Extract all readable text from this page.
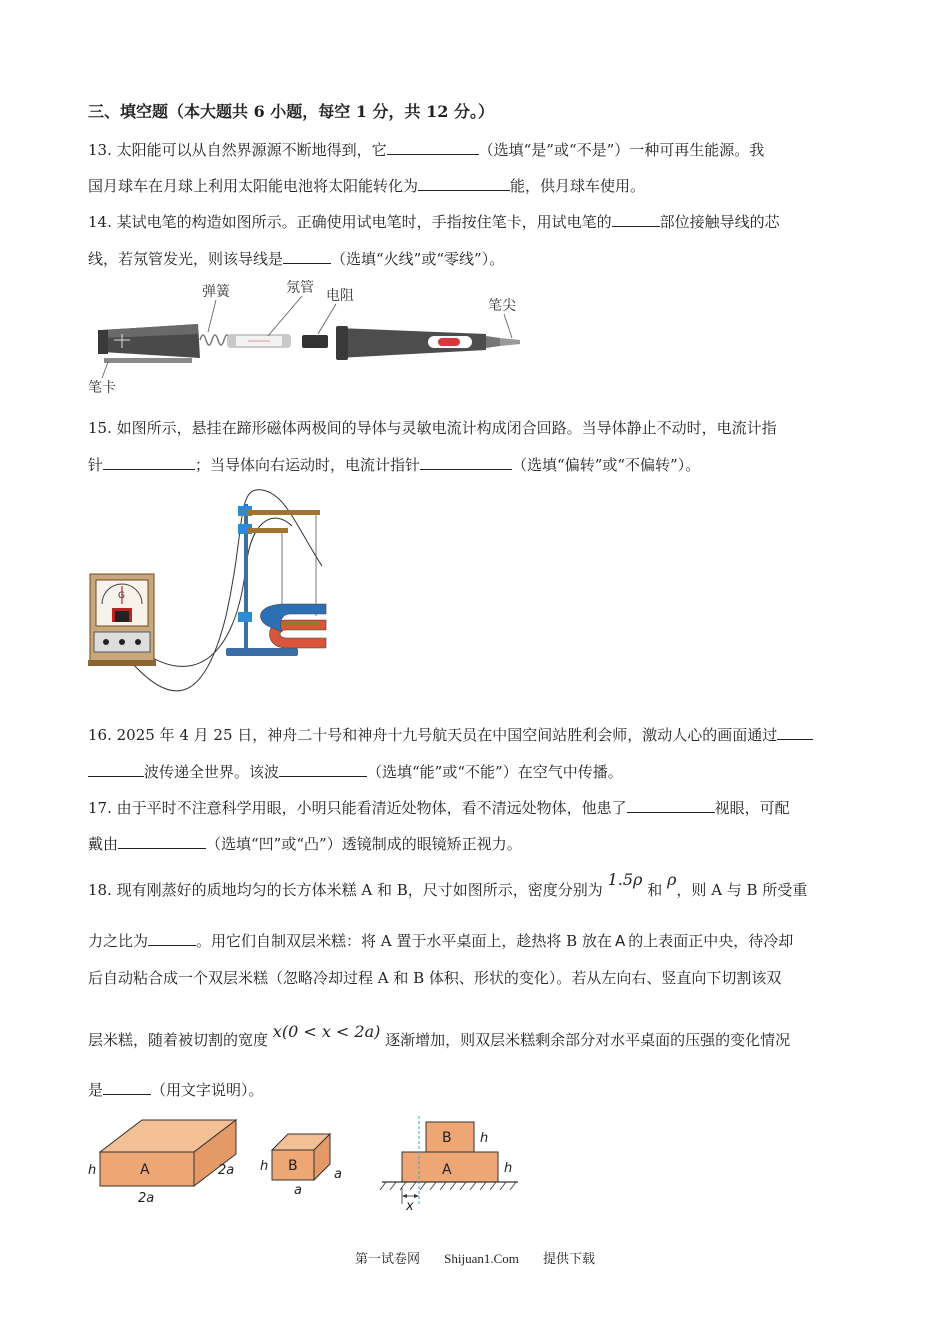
三、填空题（本大题共 6 小题，每空 1 分，共 12 分。）
13. 太阳能可以从自然界源源不断地得到，它	（选填“是”或“不是”）一种可再生能源。我
国月球车在月球上利用太阳能电池将太阳能转化为	能，供月球车使用。
14. 某试电笔的构造如图所示。正确使用试电笔时，手指按住笔卡，用试电笔的	部位接触导线的芯
线，若氖管发光，则该导线是	（选填“火线”或“零线”）。
弹簧	氖管 电阻
笔尖
笔卡
15. 如图所示，悬挂在蹄形磁体两极间的导体与灵敏电流计构成闭合回路。当导体静止不动时，电流计指
针	；当导体向右运动时，电流计指针	（选填“偏转”或“不偏转”）。
G
16. 2025 年 4 月 25 日，神舟二十号和神舟十九号航天员在中国空间站胜利会师，激动人心的画面通过
波传递全世界。该波	（选填“能”或“不能”）在空气中传播。
17. 由于平时不注意科学用眼，小明只能看清近处物体，看不清远处物体，他患了	视眼，可配
戴由	（选填“凹”或“凸”）透镜制成的眼镜矫正视力。
18. 现有刚蒸好的质地均匀的长方体米糕 A 和 B，尺寸如图所示，密度分别为 1.5ρ 和 ρ，则 A 与 B 所受重
力之比为	。用它们自制双层米糕：将 A 置于水平桌面上，趁热将 B 放在 A 的上表面正中央，待冷却
后自动粘合成一个双层米糕（忽略冷却过程 A 和 B 体积、形状的变化）。若从左向右、竖直向下切割该双
层米糕，随着被切割的宽度 x(0 < x < 2a) 逐渐增加，则双层米糕剩余部分对水平桌面的压强的变化情况
是	（用文字说明）。
A
h	2a
2a
B
h
a
a
B
A
h
h
x
第一试卷网 Shijuan1.Com 提供下载
